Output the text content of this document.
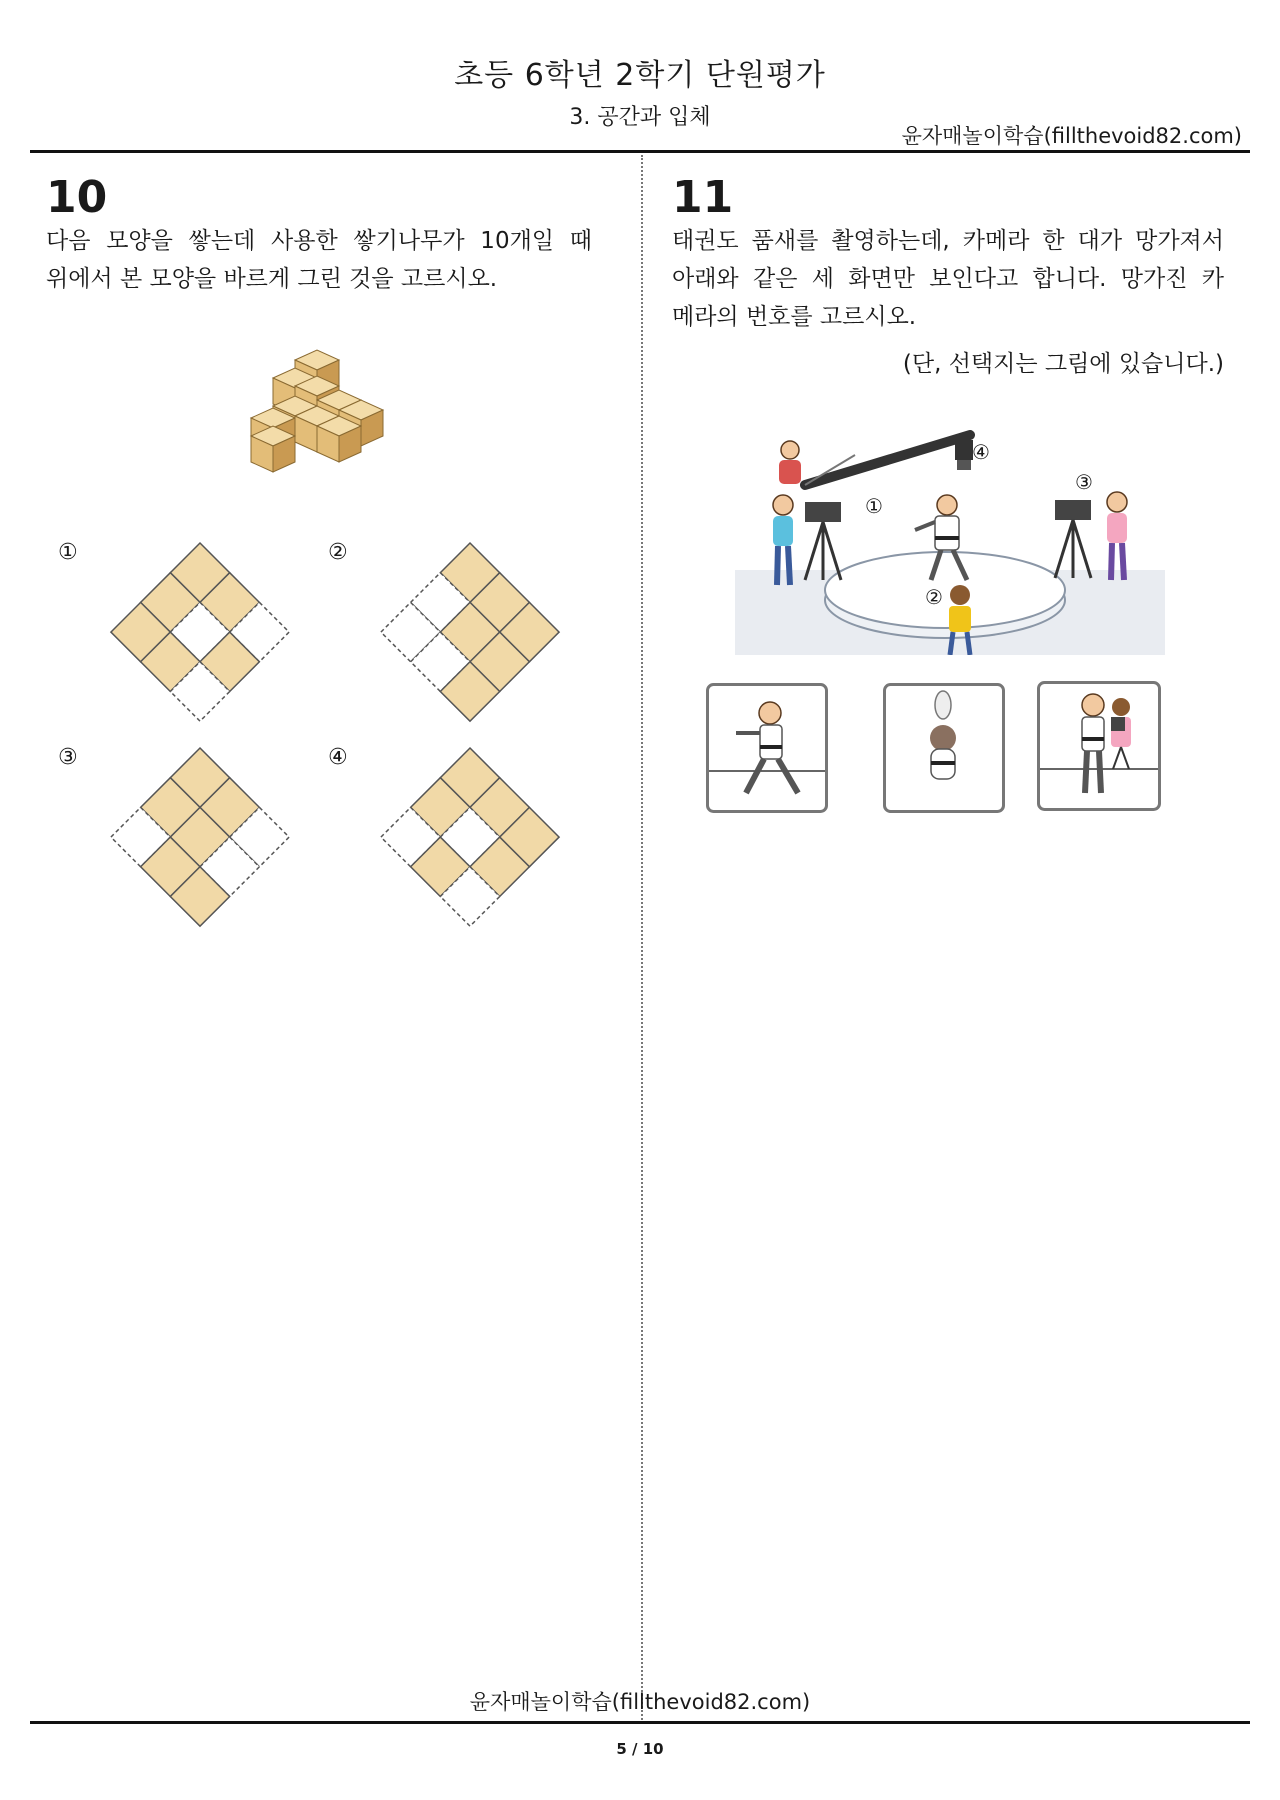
초등 6학년 2학기 단원평가
3. 공간과 입체
윤자매놀이학습(fillthevoid82.com)
10
다음 모양을 쌓는데 사용한 쌓기나무가 10개일 때
위에서 본 모양을 바르게 그린 것을 고르시오.
①	②
③	④
11
태권도 품새를 촬영하는데, 카메라 한 대가 망가져서
아래와 같은 세 화면만 보인다고 합니다. 망가진 카
메라의 번호를 고르시오.
(단, 선택지는 그림에 있습니다.)
④
①
③
②
윤자매놀이학습(fillthevoid82.com)
5 / 10
